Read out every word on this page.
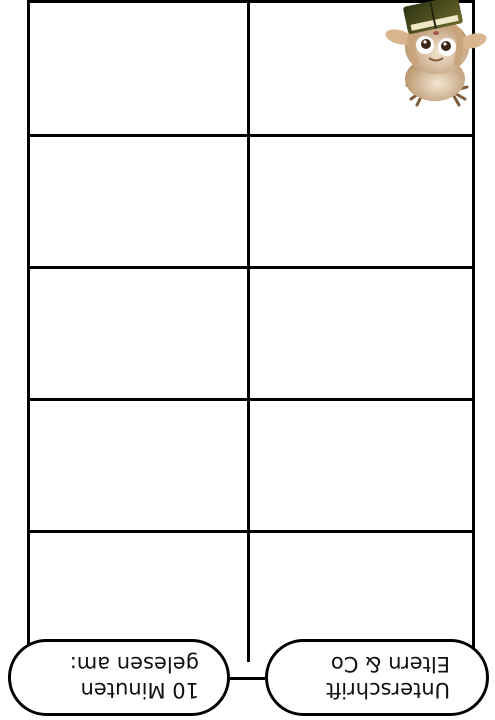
Unterschrift Eltern & Co
10 Minuten gelesen am:
